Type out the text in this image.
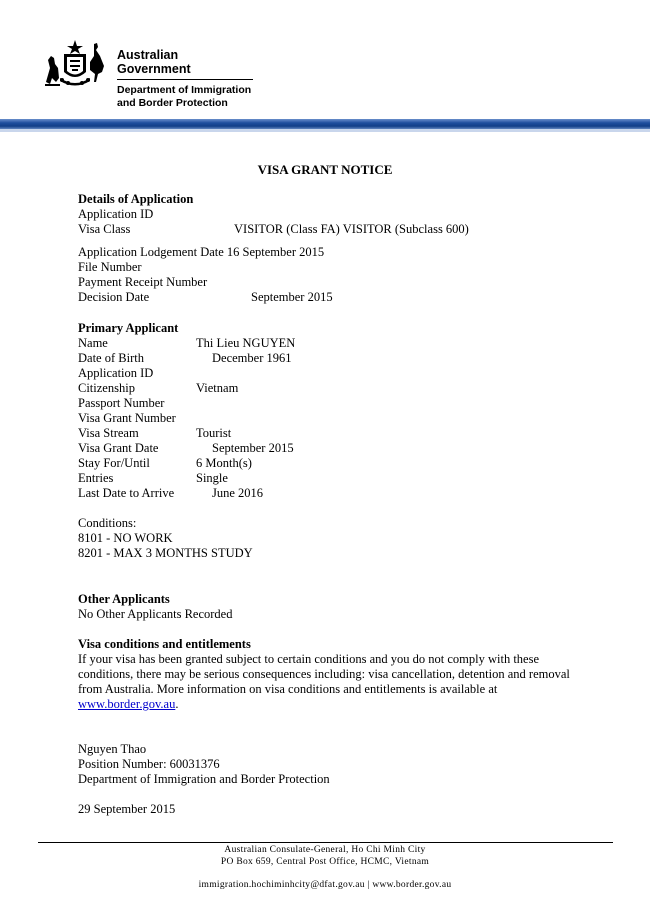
Australian Government
Department of Immigration
and Border Protection
VISA GRANT NOTICE
Details of Application
Application ID
Visa Class	VISITOR (Class FA) VISITOR (Subclass 600)
Application Lodgement Date 16 September 2015
File Number
Payment Receipt Number
Decision Date	September 2015
Primary Applicant
Name	Thi Lieu NGUYEN
Date of Birth	December 1961
Application ID
Citizenship	Vietnam
Passport Number
Visa Grant Number
Visa Stream	Tourist
Visa Grant Date	September 2015
Stay For/Until	6 Month(s)
Entries	Single
Last Date to Arrive	June 2016
Conditions:
8101 - NO WORK
8201 - MAX 3 MONTHS STUDY
Other Applicants
No Other Applicants Recorded
Visa conditions and entitlements
If your visa has been granted subject to certain conditions and you do not comply with these conditions, there may be serious consequences including: visa cancellation, detention and removal from Australia. More information on visa conditions and entitlements is available at www.border.gov.au.
Nguyen Thao
Position Number: 60031376
Department of Immigration and Border Protection
29 September 2015
Australian Consulate-General, Ho Chi Minh City
PO Box 659, Central Post Office, HCMC, Vietnam
immigration.hochiminhcity@dfat.gov.au | www.border.gov.au
